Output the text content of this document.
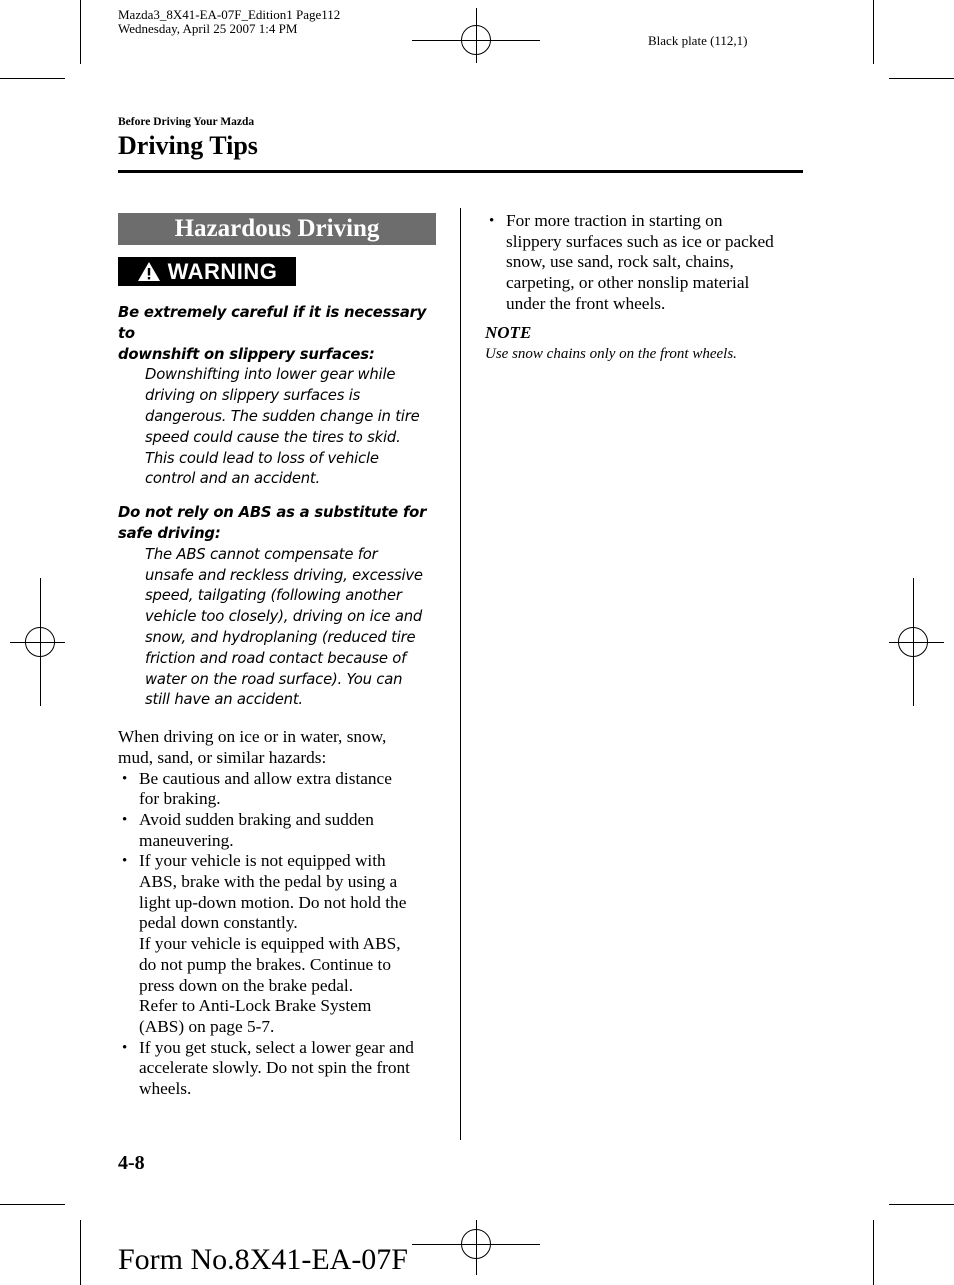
Mazda3_8X41-EA-07F_Edition1 Page112
Wednesday, April 25 2007 1:4 PM
Black plate (112,1)
Before Driving Your Mazda
Driving Tips
Hazardous Driving
WARNING
Be extremely careful if it is necessary to
downshift on slippery surfaces:
Downshifting into lower gear while
driving on slippery surfaces is
dangerous. The sudden change in tire
speed could cause the tires to skid.
This could lead to loss of vehicle
control and an accident.
Do not rely on ABS as a substitute for
safe driving:
The ABS cannot compensate for
unsafe and reckless driving, excessive
speed, tailgating (following another
vehicle too closely), driving on ice and
snow, and hydroplaning (reduced tire
friction and road contact because of
water on the road surface). You can
still have an accident.
When driving on ice or in water, snow,
mud, sand, or similar hazards:
• Be cautious and allow extra distance
for braking.
• Avoid sudden braking and sudden
maneuvering.
• If your vehicle is not equipped with
ABS, brake with the pedal by using a
light up-down motion. Do not hold the
pedal down constantly.
If your vehicle is equipped with ABS,
do not pump the brakes. Continue to
press down on the brake pedal.
Refer to Anti-Lock Brake System
(ABS) on page 5-7.
• If you get stuck, select a lower gear and
accelerate slowly. Do not spin the front
wheels.
• For more traction in starting on
slippery surfaces such as ice or packed
snow, use sand, rock salt, chains,
carpeting, or other nonslip material
under the front wheels.
NOTE
Use snow chains only on the front wheels.
4-8
Form No.8X41-EA-07F
